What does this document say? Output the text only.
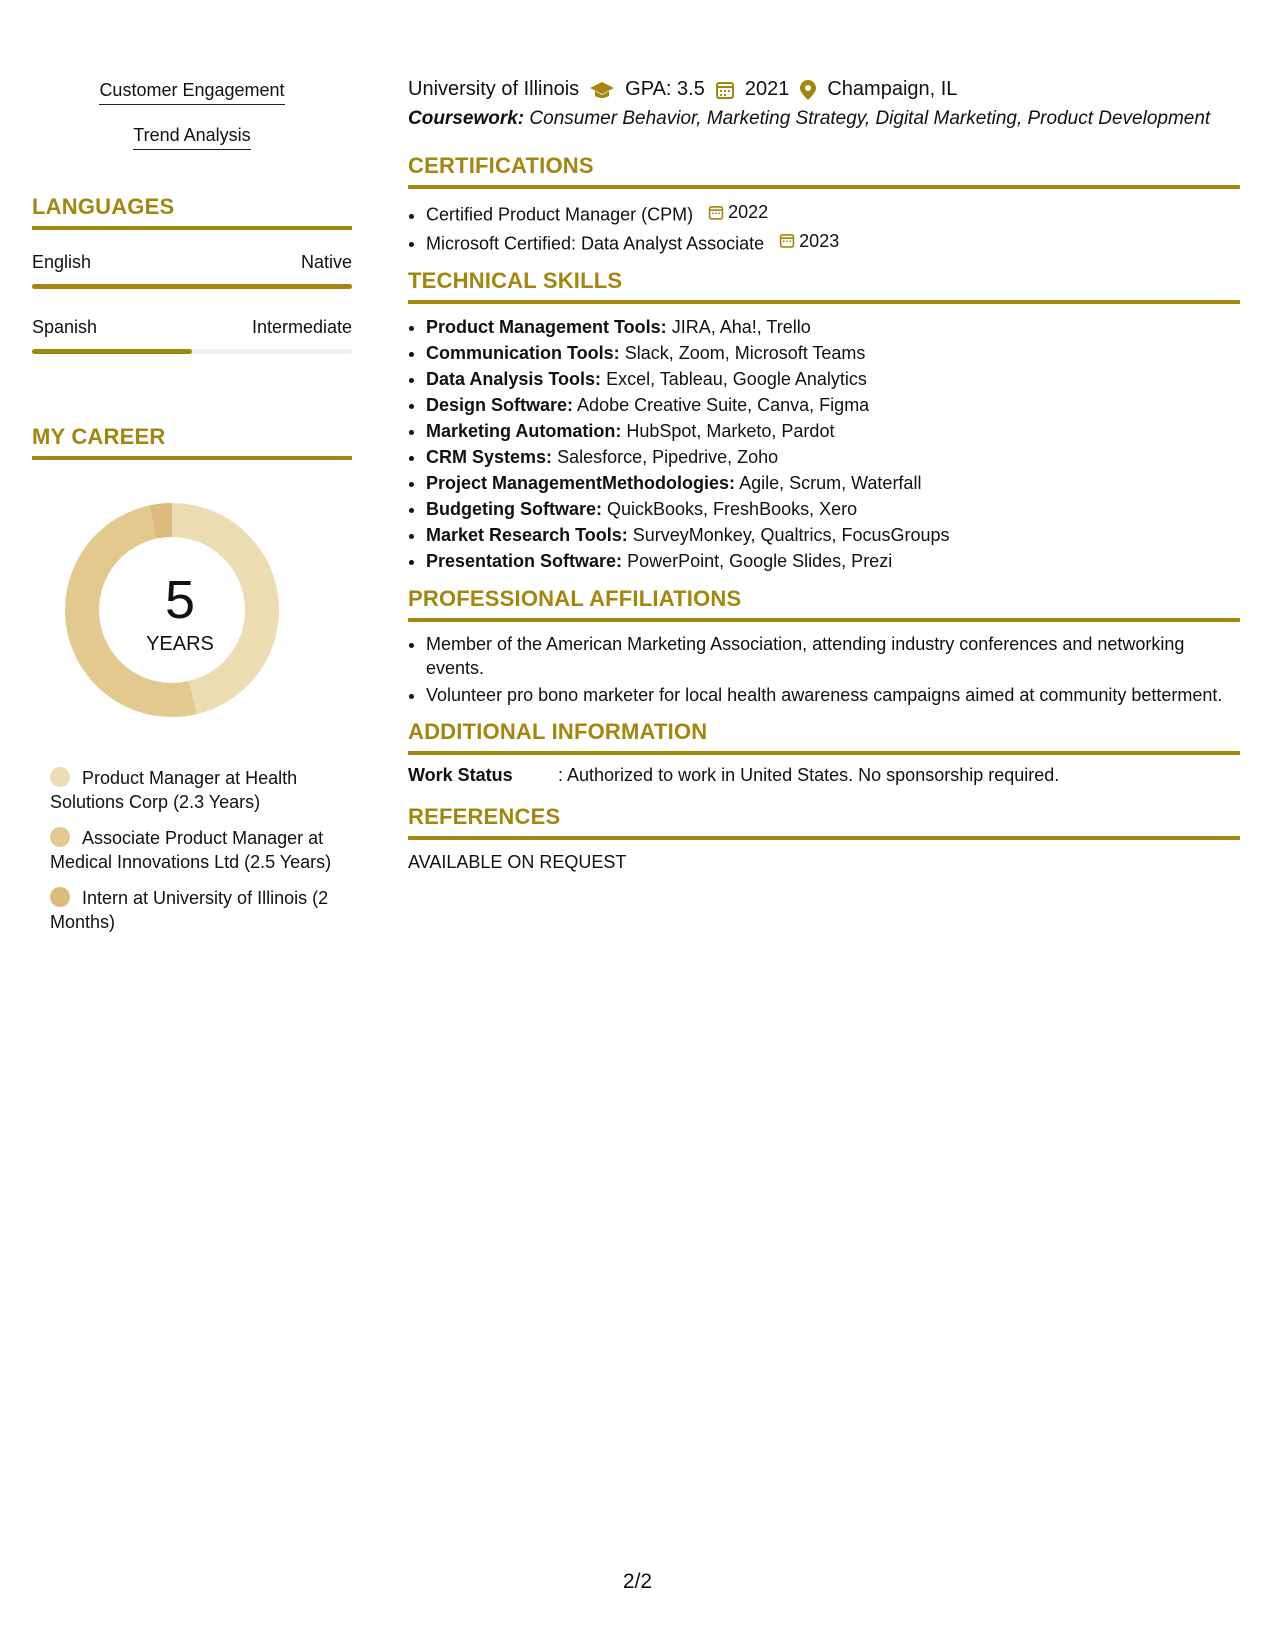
Customer Engagement
Trend Analysis
LANGUAGES
English	Native
Spanish	Intermediate
MY CAREER
5
YEARS
Product Manager at Health Solutions Corp (2.3 Years)
Associate Product Manager at Medical Innovations Ltd (2.5 Years)
Intern at University of Illinois (2 Months)
University of Illinois GPA: 3.5 2021 Champaign, IL
Coursework: Consumer Behavior, Marketing Strategy, Digital Marketing, Product Development
CERTIFICATIONS
• Certified Product Manager (CPM) 2022
• Microsoft Certified: Data Analyst Associate 2023
TECHNICAL SKILLS
• Product Management Tools: JIRA, Aha!, Trello
• Communication Tools: Slack, Zoom, Microsoft Teams
• Data Analysis Tools: Excel, Tableau, Google Analytics
• Design Software: Adobe Creative Suite, Canva, Figma
• Marketing Automation: HubSpot, Marketo, Pardot
• CRM Systems: Salesforce, Pipedrive, Zoho
• Project ManagementMethodologies: Agile, Scrum, Waterfall
• Budgeting Software: QuickBooks, FreshBooks, Xero
• Market Research Tools: SurveyMonkey, Qualtrics, FocusGroups
• Presentation Software: PowerPoint, Google Slides, Prezi
PROFESSIONAL AFFILIATIONS
• Member of the American Marketing Association, attending industry conferences and networking events.
• Volunteer pro bono marketer for local health awareness campaigns aimed at community betterment.
ADDITIONAL INFORMATION
Work Status	: Authorized to work in United States. No sponsorship required.
REFERENCES
AVAILABLE ON REQUEST
2/2
